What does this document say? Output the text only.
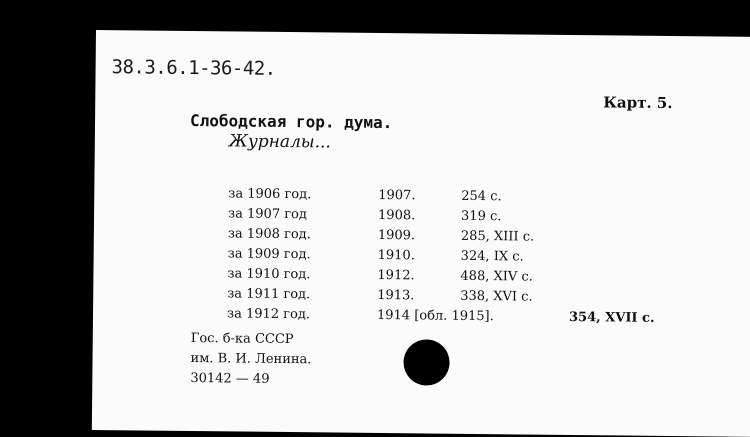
38.3.6.1-36-42.
Карт. 5.
Слободская гор. дума.
Журналы...
за 1906 год.	1907.	254 с.
за 1907 год	1908.	319 с.
за 1908 год.	1909.	285, XIII с.
за 1909 год.	1910.	324, IX с.
за 1910 год.	1912.	488, XIV с.
за 1911 год.	1913.	338, XVI с.
за 1912 год.	1914 [обл. 1915].	354, XVII с.
Гос. б-ка СССР
им. В. И. Ленина.
30142 — 49
